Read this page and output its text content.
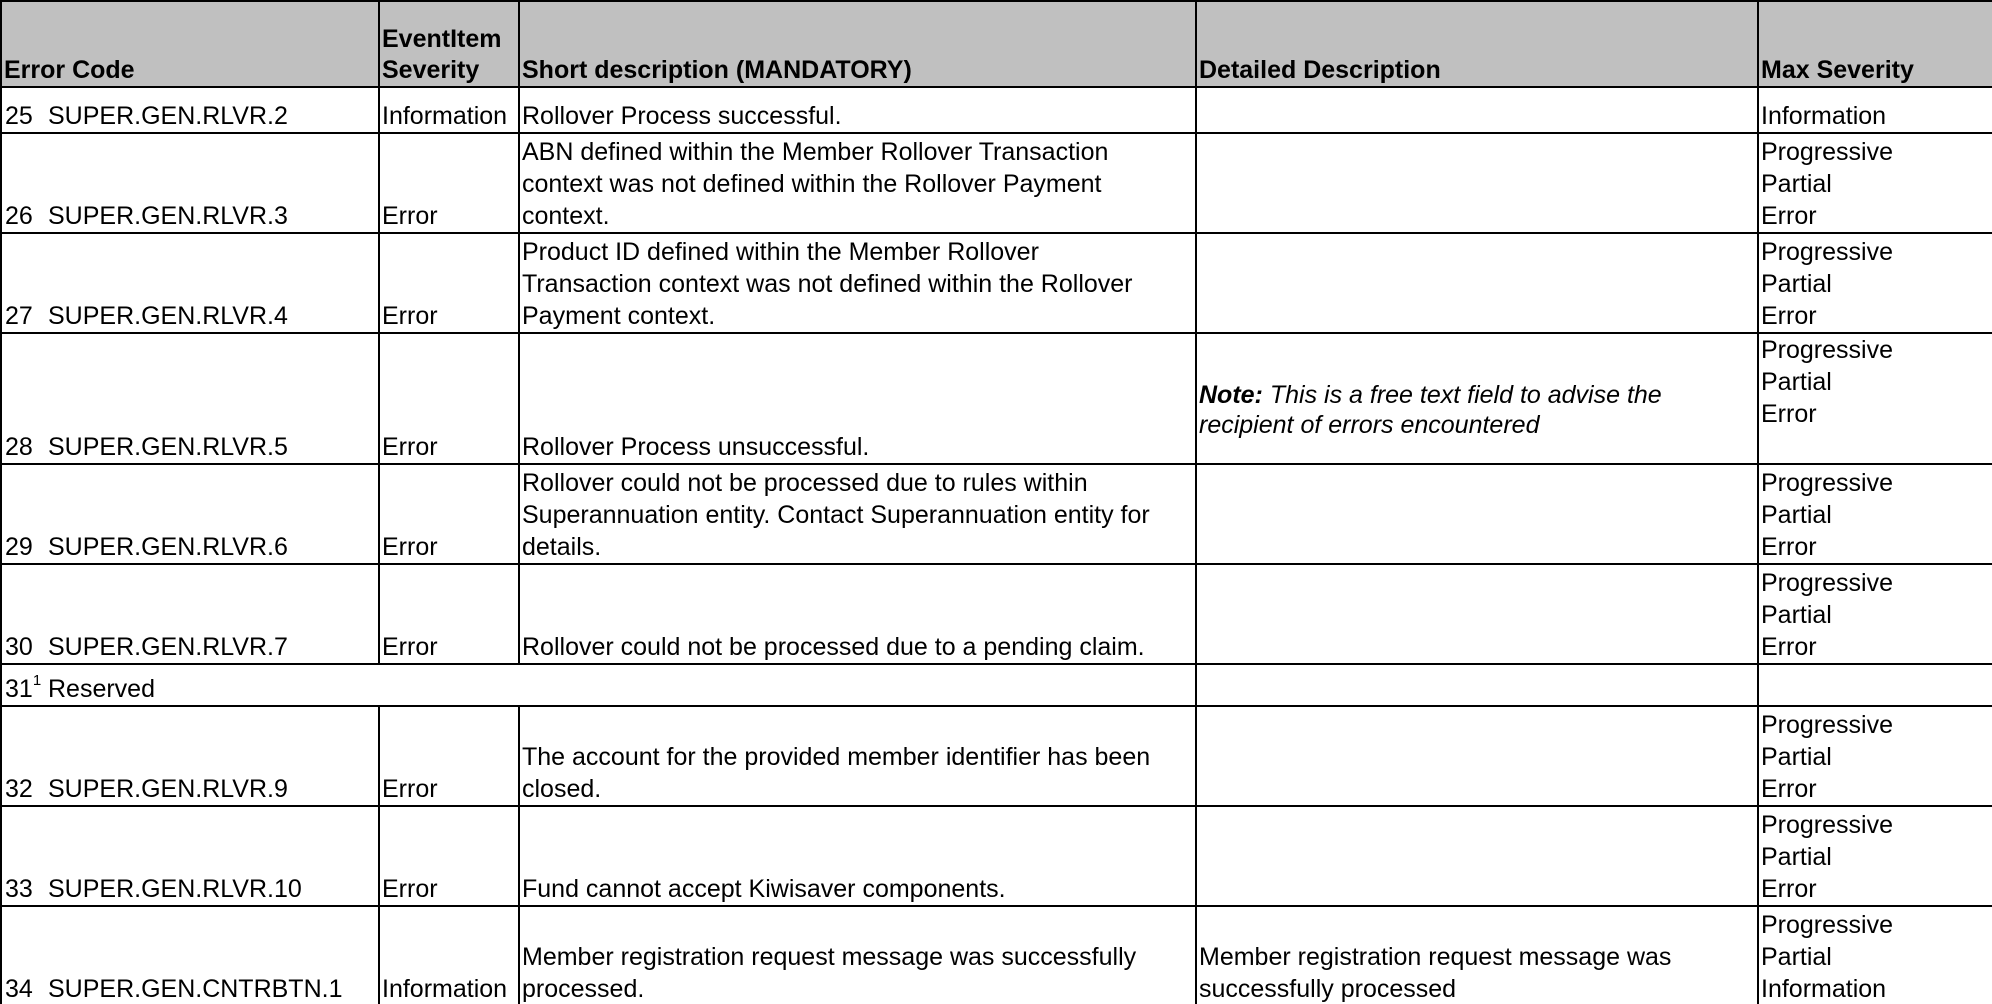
Error Code		EventItem Severity	Short description (MANDATORY)	Detailed Description	Max Severity
25	SUPER.GEN.RLVR.2	Information	Rollover Process successful.		Information
26	SUPER.GEN.RLVR.3	Error	ABN defined within the Member Rollover Transaction
context was not defined within the Rollover Payment
context.		Progressive
Partial
Error
27	SUPER.GEN.RLVR.4	Error	Product ID defined within the Member Rollover
Transaction context was not defined within the Rollover
Payment context.		Progressive
Partial
Error
28	SUPER.GEN.RLVR.5	Error	Rollover Process unsuccessful.	Note: This is a free text field to advise the recipient of errors encountered	Progressive
Partial
Error
29	SUPER.GEN.RLVR.6	Error	Rollover could not be processed due to rules within
Superannuation entity. Contact Superannuation entity for
details.		Progressive
Partial
Error
30	SUPER.GEN.RLVR.7	Error	Rollover could not be processed due to a pending claim.		Progressive
Partial
Error
$31^1$	Reserved				
32	SUPER.GEN.RLVR.9	Error	The account for the provided member identifier has been
closed.		Progressive
Partial
Error
33	SUPER.GEN.RLVR.10	Error	Fund cannot accept Kiwisaver components.		Progressive
Partial
Error
34	SUPER.GEN.CNTRBTN.1	Information	Member registration request message was successfully
processed.	Member registration request message was
successfully processed	Progressive
Partial
Information
